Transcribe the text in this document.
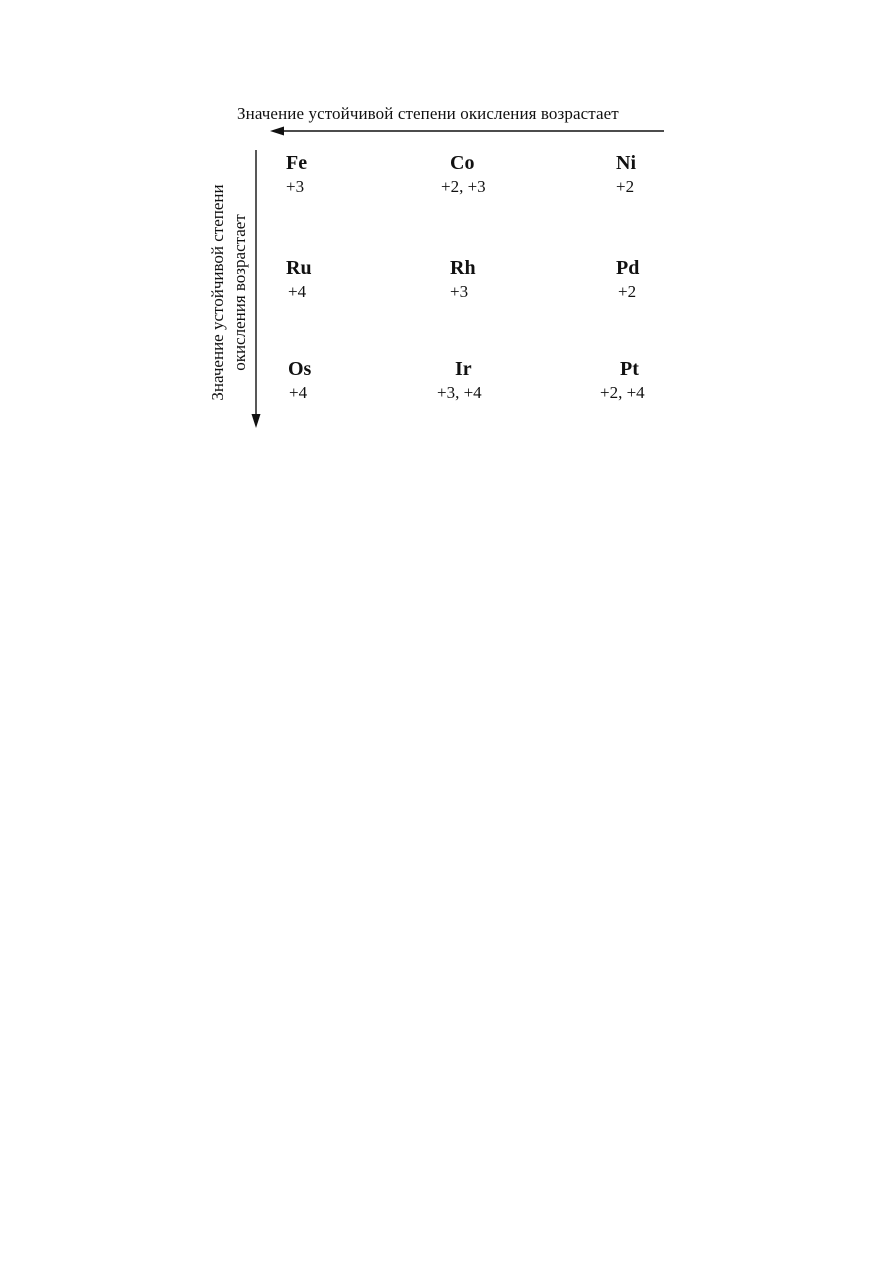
Значение устойчивой степени окисления возрастает
Значение устойчивой степени окисления возрастает
Fe
+3
Co
+2, +3
Ni
+2
Ru
+4
Rh
+3
Pd
+2
Os
+4
Ir
+3, +4
Pt
+2, +4
